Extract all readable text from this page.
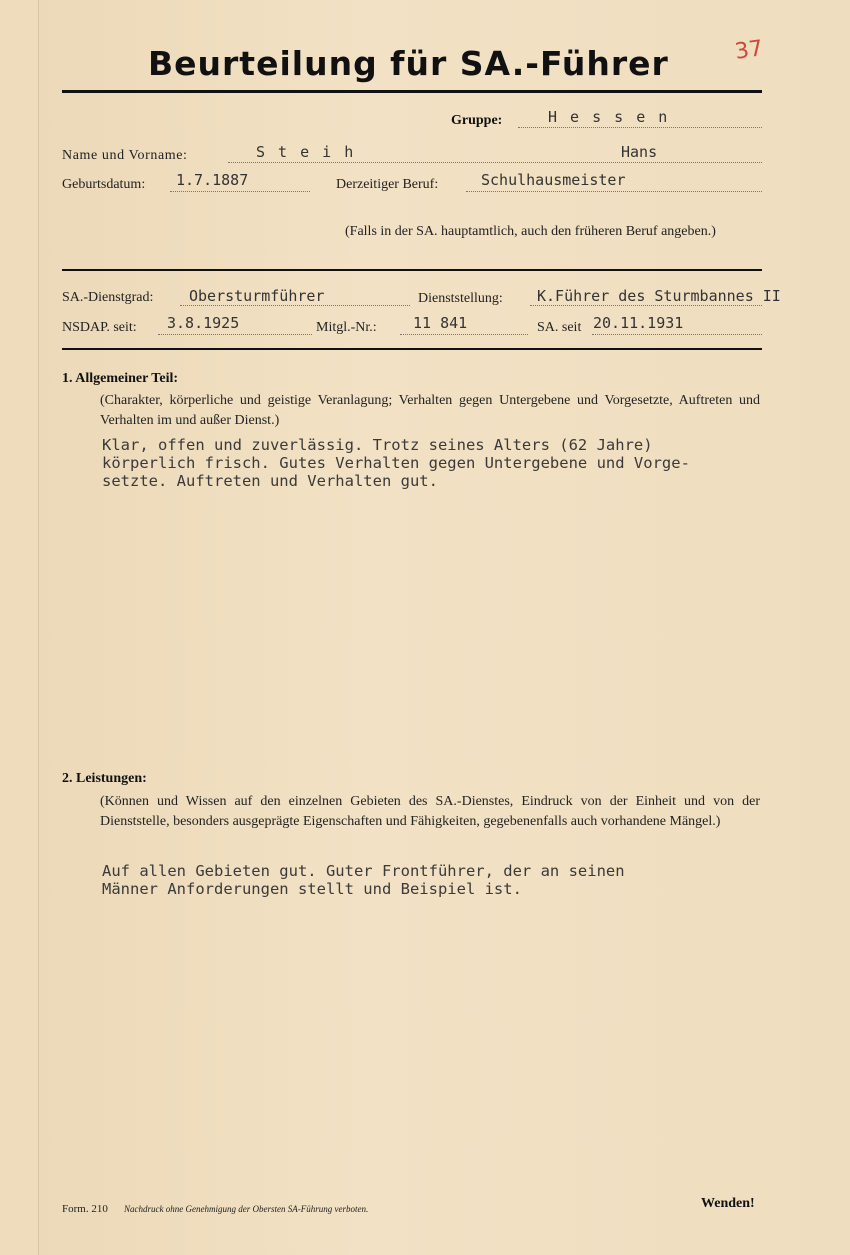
Beurteilung für SA.-Führer	37
Gruppe:	H e s s e n
Name und Vorname:	S t e i h	Hans
Geburtsdatum: 1.7.1887	Derzeitiger Beruf:	Schulhausmeister
(Falls in der SA. hauptamtlich, auch den früheren Beruf angeben.)
SA.-Dienstgrad: Obersturmführer	Dienststellung: K.Führer des Sturmbannes II
NSDAP. seit: 3.8.1925	Mitgl.-Nr.: 11 841	SA. seit 20.11.1931
1. Allgemeiner Teil:
(Charakter, körperliche und geistige Veranlagung; Verhalten gegen Untergebene und Vorgesetzte, Auftreten und Verhalten im und außer Dienst.)
Klar, offen und zuverlässig. Trotz seines Alters (62 Jahre)
körperlich frisch. Gutes Verhalten gegen Untergebene und Vorge-
setzte. Auftreten und Verhalten gut.
2. Leistungen:
(Können und Wissen auf den einzelnen Gebieten des SA.-Dienstes, Eindruck von der Einheit und von der Dienststelle, besonders ausgeprägte Eigenschaften und Fähigkeiten, gegebenenfalls auch vorhandene Mängel.)
Auf allen Gebieten gut. Guter Frontführer, der an seinen
Männer Anforderungen stellt und Beispiel ist.
Form. 210 Nachdruck ohne Genehmigung der Obersten SA-Führung verboten.	Wenden!
